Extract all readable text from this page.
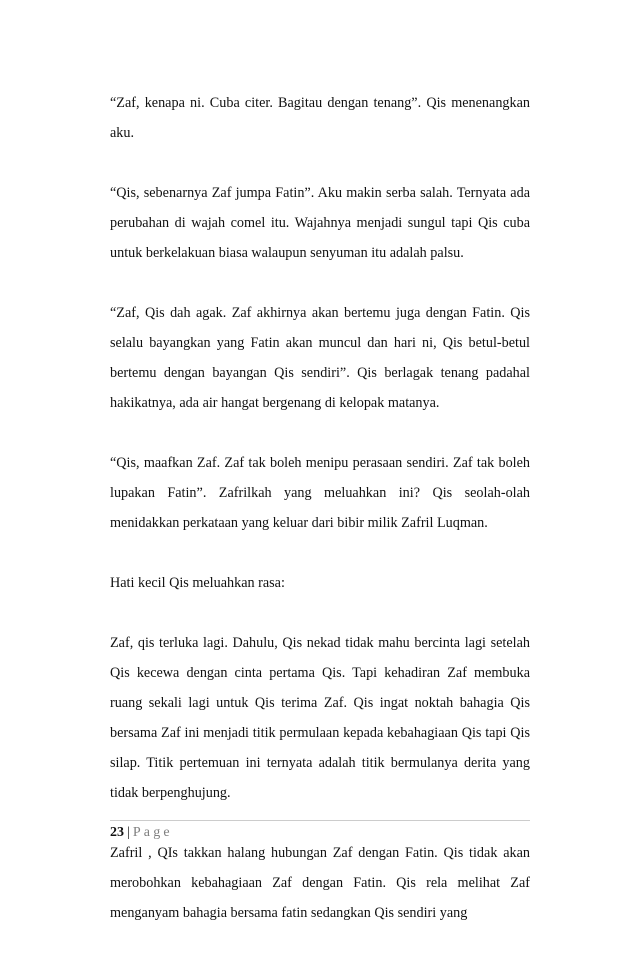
“Zaf, kenapa ni. Cuba citer. Bagitau dengan tenang”. Qis menenangkan aku.

“Qis, sebenarnya Zaf jumpa Fatin”. Aku makin serba salah. Ternyata ada perubahan di wajah comel itu. Wajahnya menjadi sungul tapi Qis cuba untuk berkelakuan biasa walaupun senyuman itu adalah palsu.

“Zaf, Qis dah agak. Zaf akhirnya akan bertemu juga dengan Fatin. Qis selalu bayangkan yang Fatin akan muncul dan hari ni, Qis betul-betul bertemu dengan bayangan Qis sendiri”. Qis berlagak tenang padahal hakikatnya, ada air hangat bergenang di kelopak matanya.

“Qis, maafkan Zaf. Zaf tak boleh menipu perasaan sendiri. Zaf tak boleh lupakan Fatin”. Zafrilkah yang meluahkan ini? Qis seolah-olah menidakkan perkataan yang keluar dari bibir milik Zafril Luqman.

Hati kecil Qis meluahkan rasa:

Zaf, qis terluka lagi. Dahulu, Qis nekad tidak mahu bercinta lagi setelah Qis kecewa dengan cinta pertama Qis. Tapi kehadiran Zaf membuka ruang sekali lagi untuk Qis terima Zaf. Qis ingat noktah bahagia Qis bersama Zaf ini menjadi titik permulaan kepada kebahagiaan Qis tapi Qis silap. Titik pertemuan ini ternyata adalah titik bermulanya derita yang tidak berpenghujung.

Zafril , QIs takkan halang hubungan Zaf dengan Fatin. Qis tidak akan merobohkan kebahagiaan Zaf dengan Fatin. Qis rela melihat Zaf menganyam bahagia bersama fatin sedangkan Qis sendiri yang

23 | Page
